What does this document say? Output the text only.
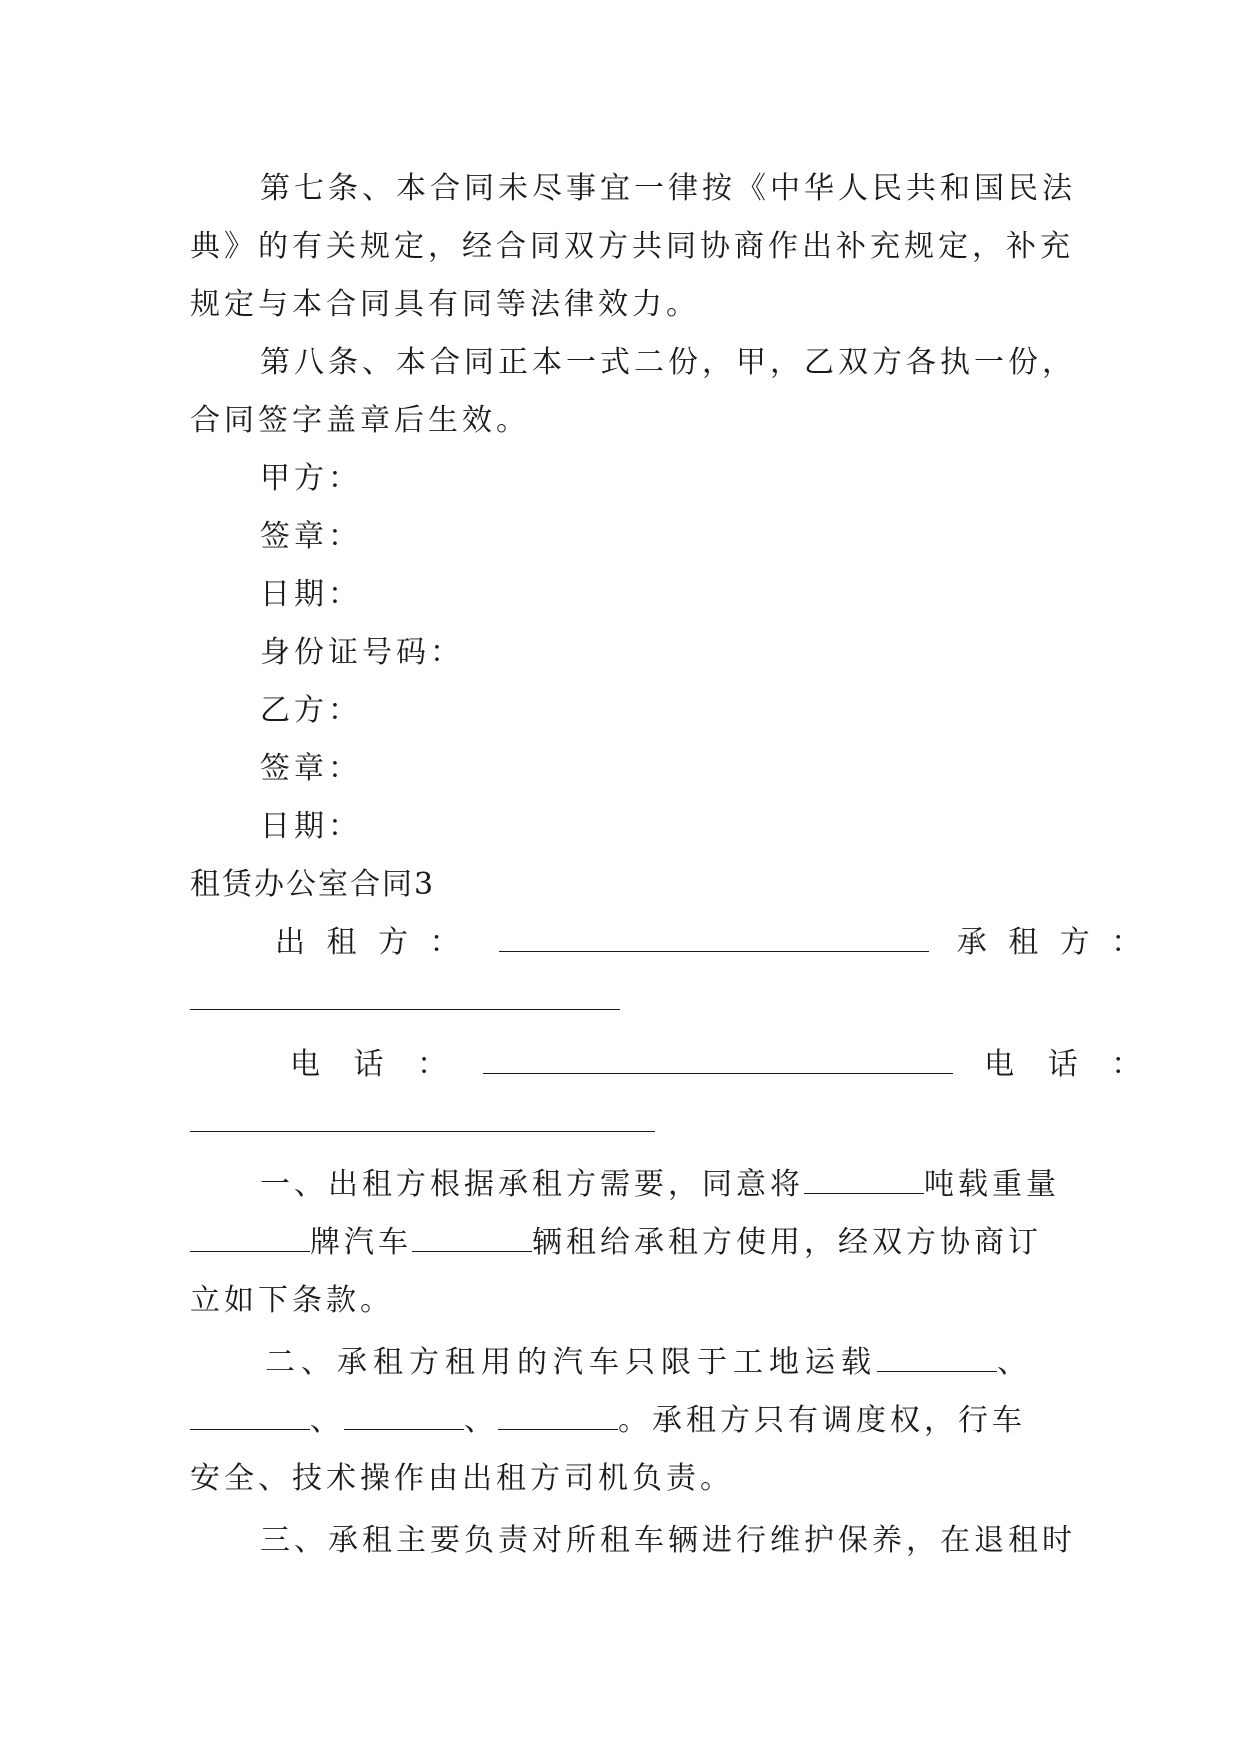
第七条、本合同未尽事宜一律按《中华人民共和国民法
典》的有关规定，经合同双方共同协商作出补充规定，补充
规定与本合同具有同等法律效力。
第八条、本合同正本一式二份，甲，乙双方各执一份，
合同签字盖章后生效。
甲方：
签章：
日期：
身份证号码：
乙方：
签章：
日期：
租赁办公室合同3
出 租 方 ：	承 租 方 ：
电 话 ：	电 话 ：
一、出租方根据承租方需要，同意将	吨载重量
牌汽车	辆租给承租方使用，经双方协商订
立如下条款。
二、承租方租用的汽车只限于工地运载	、
、	、	。承租方只有调度权，行车
安全、技术操作由出租方司机负责。
三、承租主要负责对所租车辆进行维护保养，在退租时
